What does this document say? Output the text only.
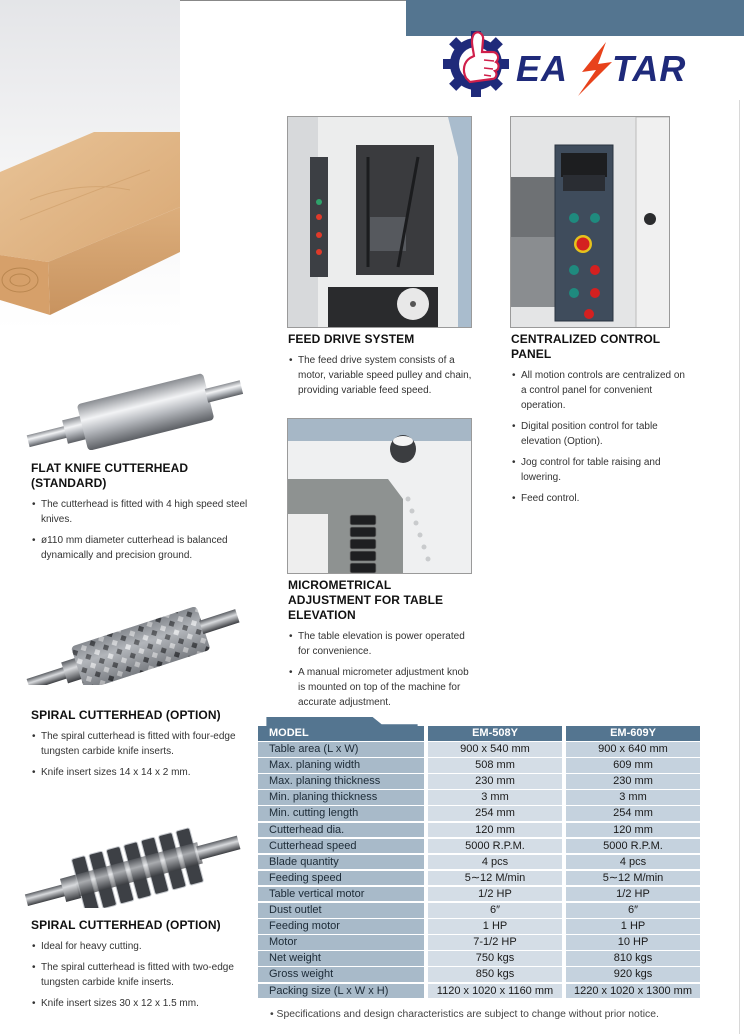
EA TAR
FLAT KNIFE CUTTERHEAD
(STANDARD)
• The cutterhead is fitted with 4 high speed steel knives.
• ø110 mm diameter cutterhead is balanced dynamically and precision ground.
SPIRAL CUTTERHEAD (OPTION)
• The spiral cutterhead is fitted with four-edge tungsten carbide knife inserts.
• Knife insert sizes 14 x 14 x 2 mm.
SPIRAL CUTTERHEAD (OPTION)
• Ideal for heavy cutting.
• The spiral cutterhead is fitted with two-edge tungsten carbide knife inserts.
• Knife insert sizes 30 x 12 x 1.5 mm.
FEED DRIVE SYSTEM
• The feed drive system consists of a motor, variable speed pulley and chain, providing variable feed speed.
CENTRALIZED CONTROL
PANEL
• All motion controls are centralized on a control panel for convenient operation.
• Digital position control for table elevation (Option).
• Jog control for table raising and lowering.
• Feed control.
MICROMETRICAL
ADJUSTMENT FOR TABLE
ELEVATION
• The table elevation is power operated for convenience.
• A manual micrometer adjustment knob is mounted on top of the machine for accurate adjustment.
MODEL	ΕM-508Y	ΕM-609Y
Table area (L x W)	900 x 540 mm	900 x 640 mm
Max. planing width	508 mm	609 mm
Max. planing thickness	230 mm	230 mm
Min. planing thickness	3 mm	3 mm
Min. cutting length	254 mm	254 mm
Cutterhead dia.	120 mm	120 mm
Cutterhead speed	5000 R.P.M.	5000 R.P.M.
Blade quantity	4 pcs	4 pcs
Feeding speed	5∼12 M/min	5∼12 M/min
Table vertical motor	1/2 HP	1/2 HP
Dust outlet	6″	6″
Feeding motor	1 HP	1 HP
Motor	7-1/2 HP	10 HP
Net weight	750 kgs	810 kgs
Gross weight	850 kgs	920 kgs
Packing size (L x W x H)	1120 x 1020 x 1160 mm	1220 x 1020 x 1300 mm
• Specifications and design characteristics are subject to change without prior notice.
